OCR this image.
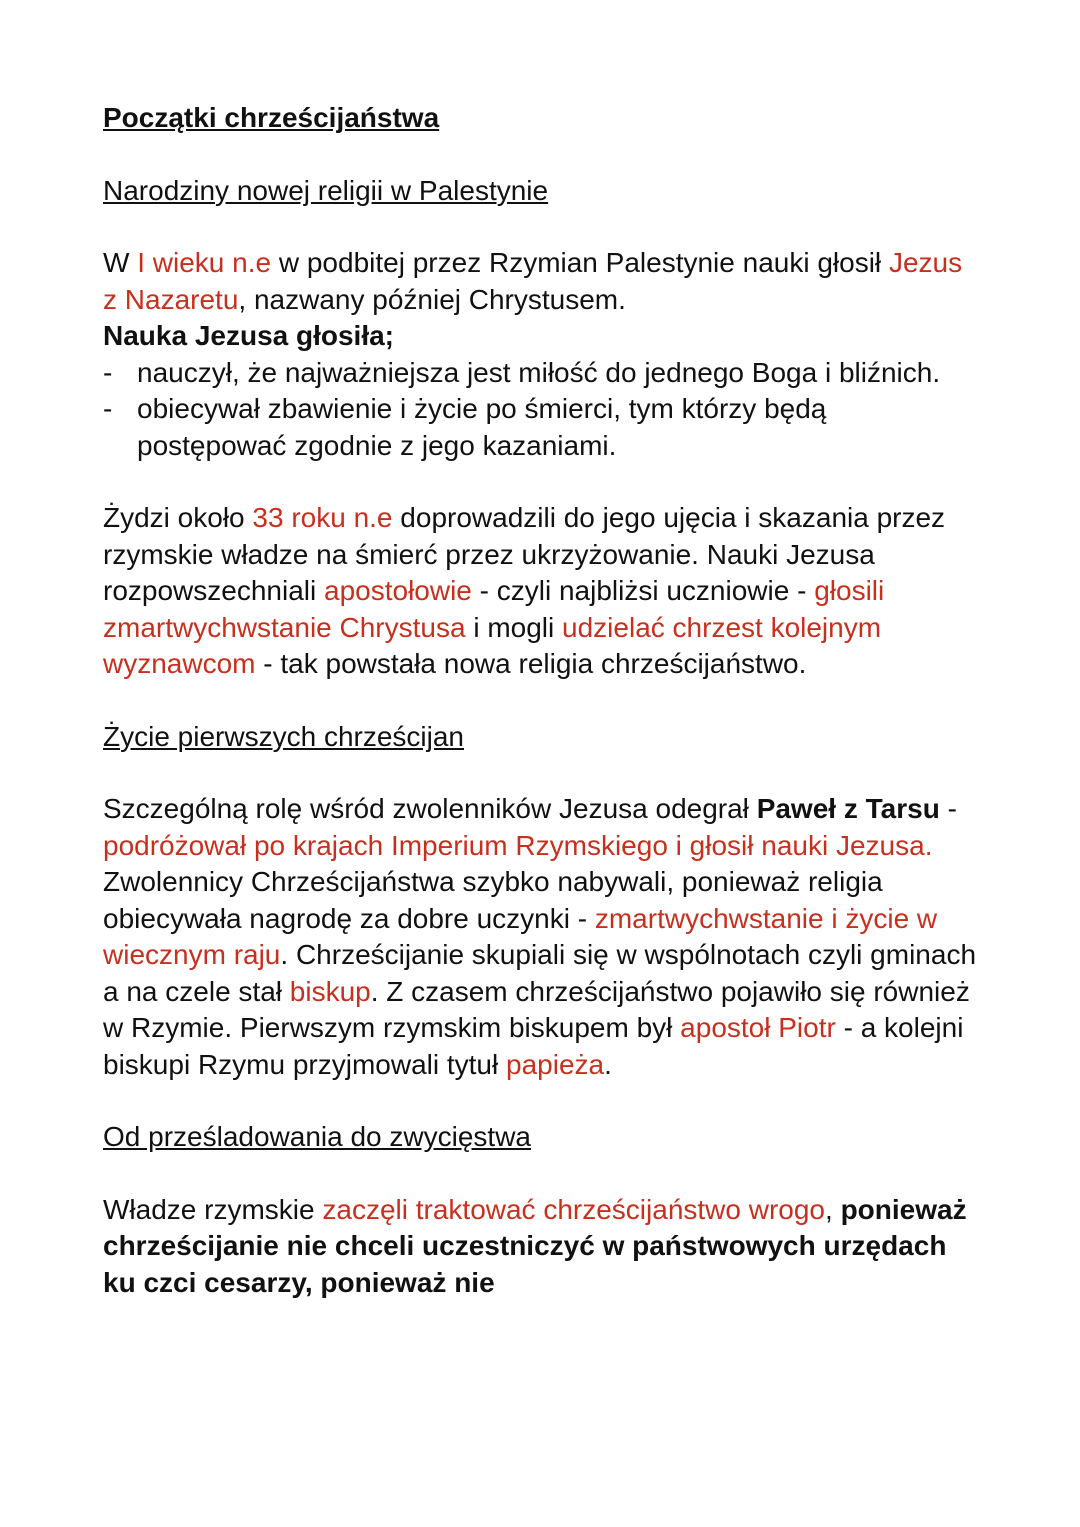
Początki chrześcijaństwa
Narodziny nowej religii w Palestynie
W I wieku n.e w podbitej przez Rzymian Palestynie nauki głosił Jezus z Nazaretu, nazwany później Chrystusem.
Nauka Jezusa głosiła;
- nauczył, że najważniejsza jest miłość do jednego Boga i bliźnich.
- obiecywał zbawienie i życie po śmierci, tym którzy będą postępować zgodnie z jego kazaniami.
Żydzi około 33 roku n.e doprowadzili do jego ujęcia i skazania przez rzymskie władze na śmierć przez ukrzyżowanie. Nauki Jezusa rozpowszechniali apostołowie - czyli najbliżsi uczniowie - głosili zmartwychwstanie Chrystusa i mogli udzielać chrzest kolejnym wyznawcom - tak powstała nowa religia chrześcijaństwo.
Życie pierwszych chrześcijan
Szczególną rolę wśród zwolenników Jezusa odegrał Paweł z Tarsu - podróżował po krajach Imperium Rzymskiego i głosił nauki Jezusa. Zwolennicy Chrześcijaństwa szybko nabywali, ponieważ religia obiecywała nagrodę za dobre uczynki - zmartwychwstanie i życie w wiecznym raju. Chrześcijanie skupiali się w wspólnotach czyli gminach a na czele stał biskup. Z czasem chrześcijaństwo pojawiło się również w Rzymie. Pierwszym rzymskim biskupem był apostoł Piotr - a kolejni biskupi Rzymu przyjmowali tytuł papieża.
Od prześladowania do zwycięstwa
Władze rzymskie zaczęli traktować chrześcijaństwo wrogo, ponieważ chrześcijanie nie chceli uczestniczyć w państwowych urzędach ku czci cesarzy, ponieważ nie
